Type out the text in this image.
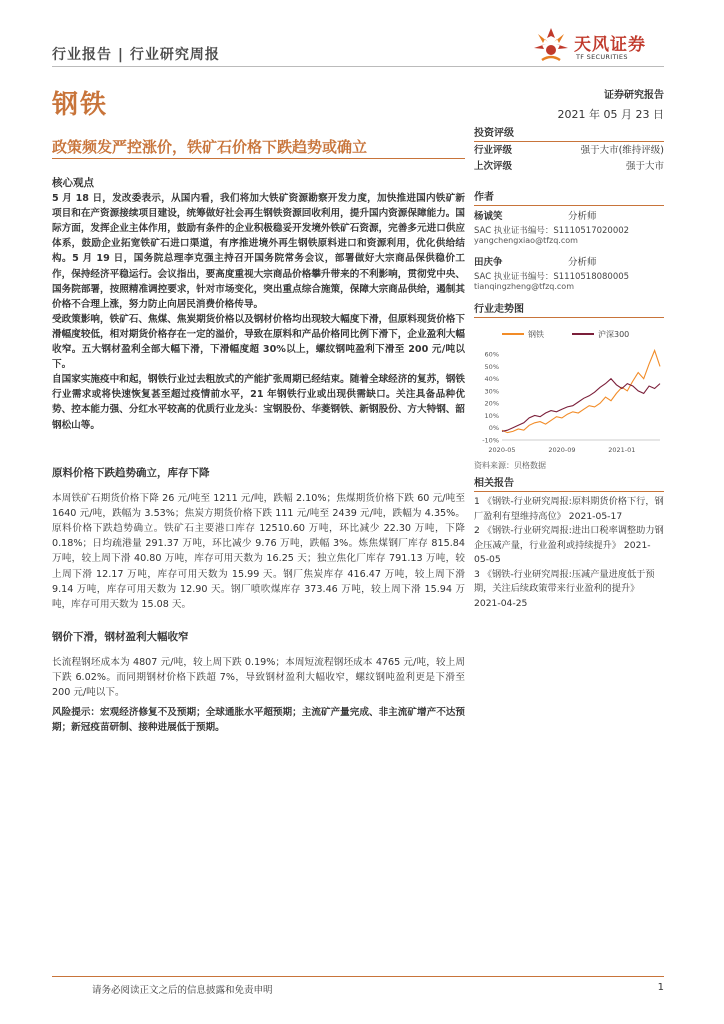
行业报告 | 行业研究周报	天风证券
TF SECURITIES
钢铁	证券研究报告
2021 年 05 月 23 日
政策频发严控涨价，铁矿石价格下跌趋势或确立
核心观点

5 月 18 日，发改委表示，从国内看，我们将加大铁矿资源勘察开发力度，加快推进国内铁矿新项目和在产资源接续项目建设，统筹做好社会再生钢铁资源回收利用，提升国内资源保障能力。国际方面，发挥企业主体作用，鼓励有条件的企业积极稳妥开发境外铁矿石资源，完善多元进口供应体系，鼓励企业拓宽铁矿石进口渠道，有序推进境外再生钢铁原料进口和资源利用，优化供给结构。5 月 19 日，国务院总理李克强主持召开国务院常务会议，部署做好大宗商品保供稳价工作，保持经济平稳运行。会议指出，要高度重视大宗商品价格攀升带来的不利影响，贯彻党中央、国务院部署，按照精准调控要求，针对市场变化，突出重点综合施策，保障大宗商品供给，遏制其价格不合理上涨，努力防止向居民消费价格传导。

受政策影响，铁矿石、焦煤、焦炭期货价格以及钢材价格均出现较大幅度下滑，但原料现货价格下滑幅度较低，相对期货价格存在一定的溢价，导致在原料和产品价格同比例下滑下，企业盈利大幅收窄。五大钢材盈利全部大幅下滑，下滑幅度超 30%以上，螺纹钢吨盈利下滑至 200 元/吨以下。

自国家实施疫中和起，钢铁行业过去粗放式的产能扩张周期已经结束。随着全球经济的复苏，钢铁行业需求或将快速恢复甚至超过疫情前水平，21 年钢铁行业或出现供需缺口。关注具备品种优势、控本能力强、分红水平较高的优质行业龙头：宝钢股份、华菱钢铁、新钢股份、方大特钢、韶钢松山等。

原料价格下跌趋势确立，库存下降

本周铁矿石期货价格下降 26 元/吨至 1211 元/吨，跌幅 2.10%；焦煤期货价格下跌 60 元/吨至 1640 元/吨，跌幅为 3.53%；焦炭方期货价格下跌 111 元/吨至 2439 元/吨，跌幅为 4.35%。原料价格下跌趋势确立。铁矿石主要港口库存 12510.60 万吨，环比减少 22.30 万吨，下降 0.18%；日均疏港量 291.37 万吨，环比减少 9.76 万吨，跌幅 3%。炼焦煤钢厂库存 815.84 万吨，较上周下滑 40.80 万吨，库存可用天数为 16.25 天；独立焦化厂库存 791.13 万吨，较上周下滑 12.17 万吨，库存可用天数为 15.99 天。钢厂焦炭库存 416.47 万吨，较上周下滑 9.14 万吨，库存可用天数为 12.90 天。钢厂喷吹煤库存 373.46 万吨，较上周下滑 15.94 万吨，库存可用天数为 15.08 天。

钢价下滑，钢材盈利大幅收窄

长流程钢坯成本为 4807 元/吨，较上周下跌 0.19%；本周短流程钢坯成本 4765 元/吨，较上周下跌 6.02%。而同期钢材价格下跌超 7%，导致钢材盈利大幅收窄，螺纹钢吨盈利更是下滑至 200 元/吨以下。

风险提示：宏观经济修复不及预期；全球通胀水平超预期；主流矿产量完成、非主流矿增产不达预期；新冠疫苗研制、接种进展低于预期。

投资评级
行业评级	强于大市(维持评级)
上次评级	强于大市
作者
杨诚笑	分析师
SAC 执业证书编号：S1110517020002
yangchengxiao@tfzq.com
田庆争	分析师
SAC 执业证书编号：S1110518080005
tianqingzheng@tfzq.com
行业走势图
钢铁	沪深300
-10%
0%
10%
20%
30%
40%
50%
60%
2020-05	2020-09	2021-01
资料来源：贝格数据
相关报告
1 《钢铁-行业研究周报:原料期货价格下行，钢厂盈利有望维持高位》 2021-05-17
2 《钢铁-行业研究周报:进出口税率调整助力钢企压减产量，行业盈利或持续提升》 2021-05-05
3 《钢铁-行业研究周报:压减产量进度低于预期，关注后续政策带来行业盈利的提升》 2021-04-25
请务必阅读正文之后的信息披露和免责申明	1
